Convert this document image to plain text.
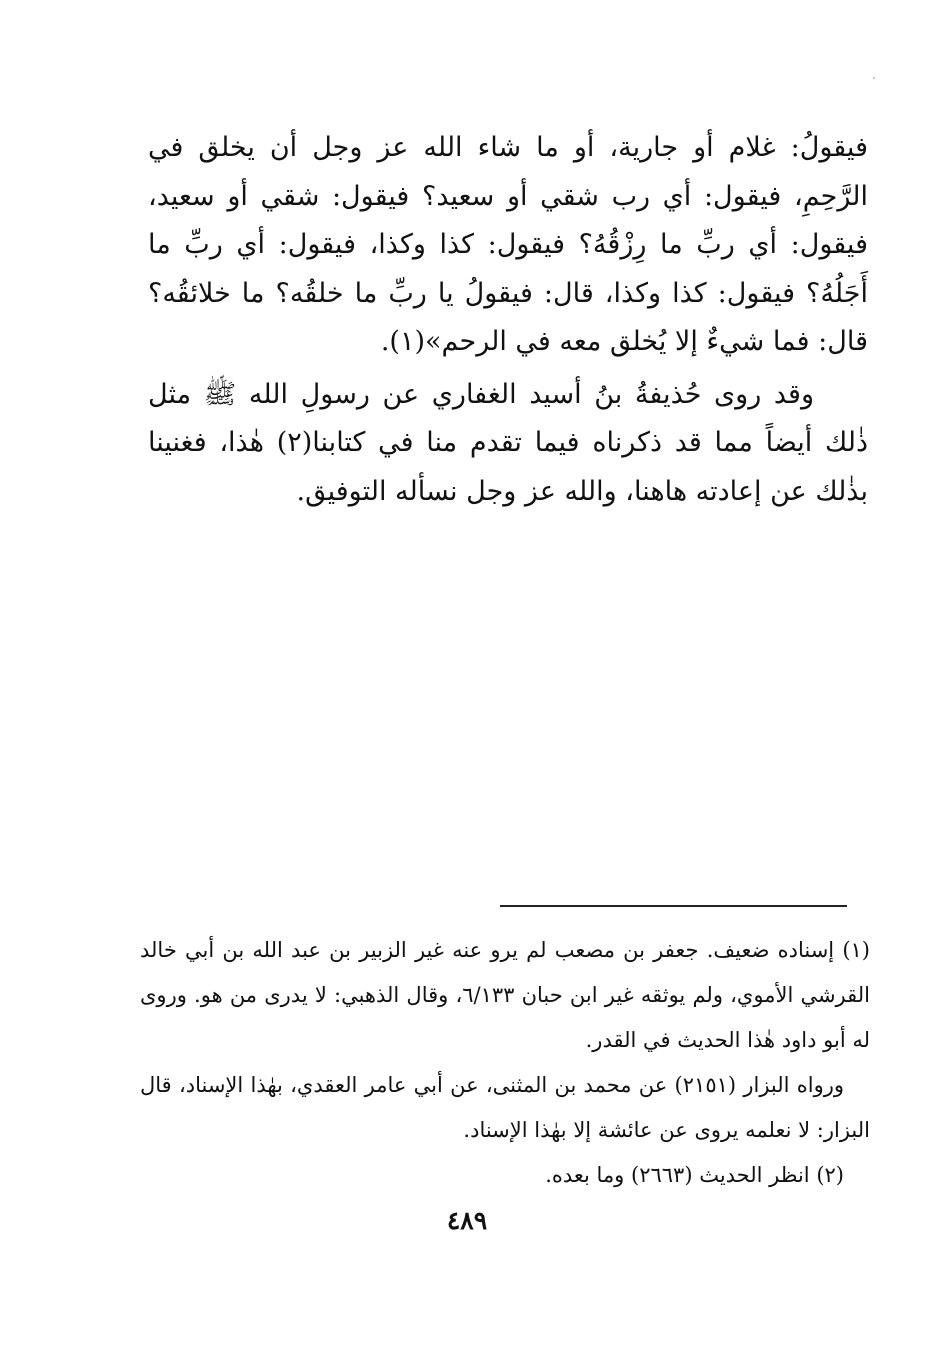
فيقولُ: غلام أو جارية، أو ما شاء الله عز وجل أن يخلق في الرَّحِمِ، فيقول: أي رب شقي أو سعيد؟ فيقول: شقي أو سعيد، فيقول: أي ربِّ ما رِزْقُهُ؟ فيقول: كذا وكذا، فيقول: أي ربِّ ما أَجَلُهُ؟ فيقول: كذا وكذا، قال: فيقولُ يا ربِّ ما خلقُه؟ ما خلائقُه؟ قال: فما شيءٌ إلا يُخلق معه في الرحم»(١).

وقد روى حُذيفةُ بنُ أسيد الغفاري عن رسولِ الله ﷺ مثل ذٰلك أيضاً مما قد ذكرناه فيما تقدم منا في كتابنا(٢) هٰذا، فغنينا بذٰلك عن إعادته هاهنا، والله عز وجل نسأله التوفيق.

(١) إسناده ضعيف. جعفر بن مصعب لم يرو عنه غير الزبير بن عبد الله بن أبي خالد القرشي الأموي، ولم يوثقه غير ابن حبان ٦/١٣٣، وقال الذهبي: لا يدرى من هو. وروى له أبو داود هٰذا الحديث في القدر.

ورواه البزار (٢١٥١) عن محمد بن المثنى، عن أبي عامر العقدي، بهٰذا الإسناد، قال البزار: لا نعلمه يروى عن عائشة إلا بهٰذا الإسناد.

(٢) انظر الحديث (٢٦٦٣) وما بعده.

٤٨٩
